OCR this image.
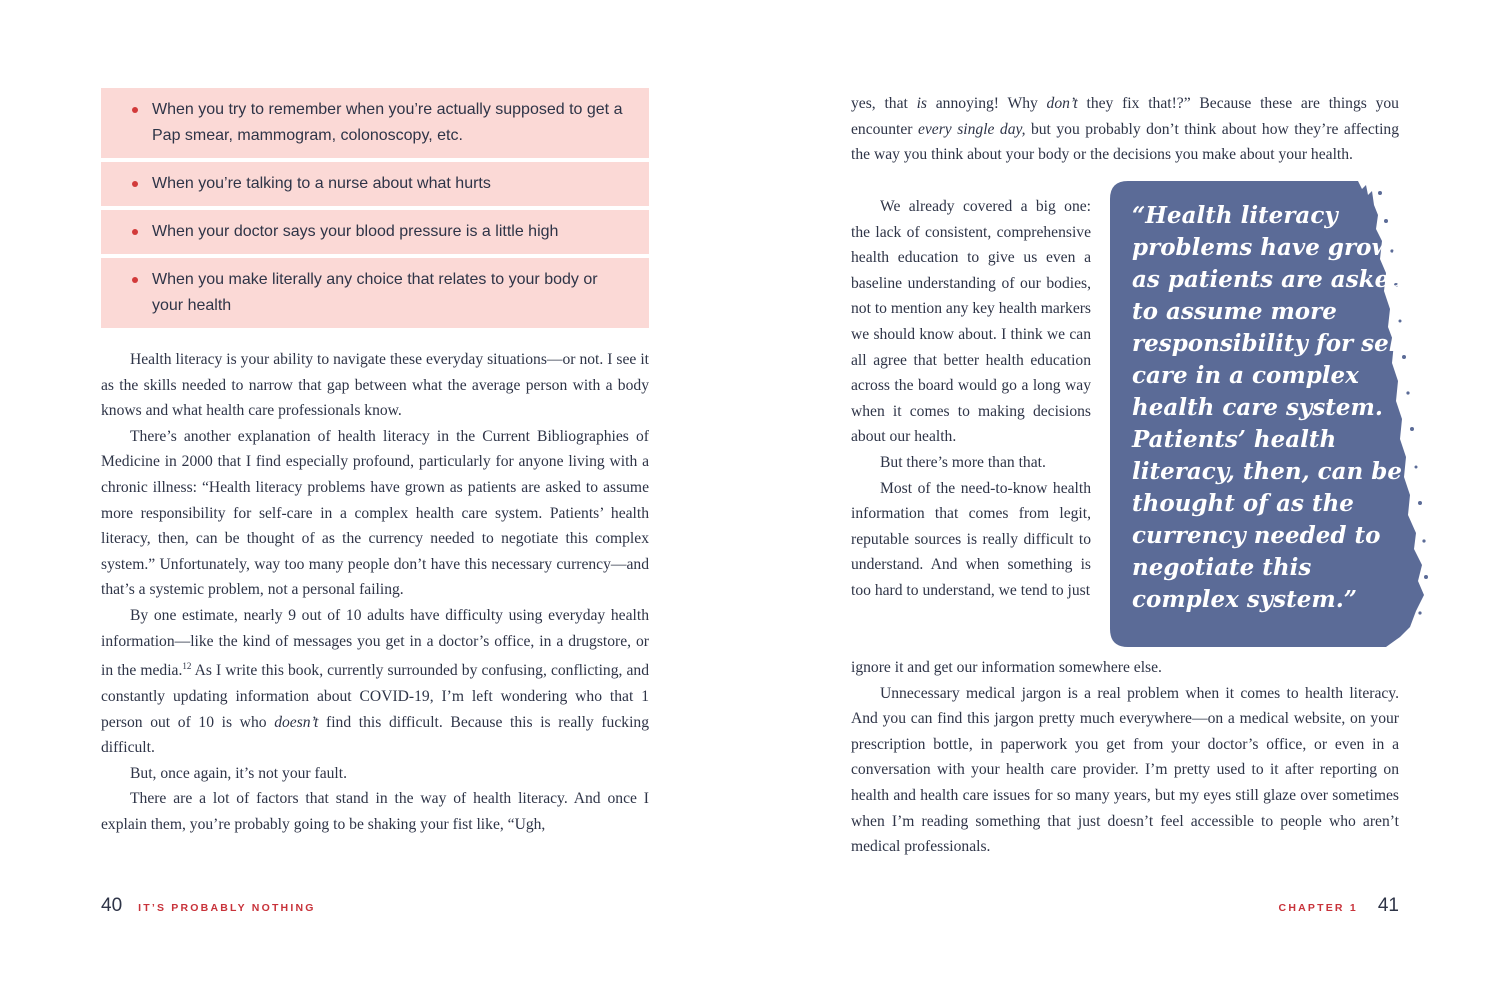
When you try to remember when you’re actually supposed to get a Pap smear, mammogram, colonoscopy, etc.
When you’re talking to a nurse about what hurts
When your doctor says your blood pressure is a little high
When you make literally any choice that relates to your body or your health

Health literacy is your ability to navigate these everyday situations—or not. I see it as the skills needed to narrow that gap between what the average person with a body knows and what health care professionals know.

There’s another explanation of health literacy in the Current Bibliographies of Medicine in 2000 that I find especially profound, particularly for anyone living with a chronic illness: “Health literacy problems have grown as patients are asked to assume more responsibility for self-care in a complex health care system. Patients’ health literacy, then, can be thought of as the currency needed to negotiate this complex system.” Unfortunately, way too many people don’t have this necessary currency—and that’s a systemic problem, not a personal failing.

By one estimate, nearly 9 out of 10 adults have difficulty using everyday health information—like the kind of messages you get in a doctor’s office, in a drugstore, or in the media.$^{12}$ As I write this book, currently surrounded by confusing, conflicting, and constantly updating information about COVID-19, I’m left wondering who that 1 person out of 10 is who doesn’t find this difficult. Because this is really fucking difficult.

But, once again, it’s not your fault.

There are a lot of factors that stand in the way of health literacy. And once I explain them, you’re probably going to be shaking your fist like, “Ugh,

40 IT’S PROBABLY NOTHING

yes, that is annoying! Why don’t they fix that!?” Because these are things you encounter every single day, but you probably don’t think about how they’re affecting the way you think about your body or the decisions you make about your health.

We already covered a big one: the lack of consistent, comprehensive health education to give us even a baseline understanding of our bodies, not to mention any key health markers we should know about. I think we can all agree that better health education across the board would go a long way when it comes to making decisions about our health.

But there’s more than that.

Most of the need-to-know health information that comes from legit, reputable sources is really difficult to understand. And when something is too hard to understand, we tend to just

“Health literacy problems have grown as patients are asked to assume more responsibility for self-care in a complex health care system. Patients’ health literacy, then, can be thought of as the currency needed to negotiate this complex system.”

ignore it and get our information somewhere else.

Unnecessary medical jargon is a real problem when it comes to health literacy. And you can find this jargon pretty much everywhere—on a medical website, on your prescription bottle, in paperwork you get from your doctor’s office, or even in a conversation with your health care provider. I’m pretty used to it after reporting on health and health care issues for so many years, but my eyes still glaze over sometimes when I’m reading something that just doesn’t feel accessible to people who aren’t medical professionals.

CHAPTER 1 41
